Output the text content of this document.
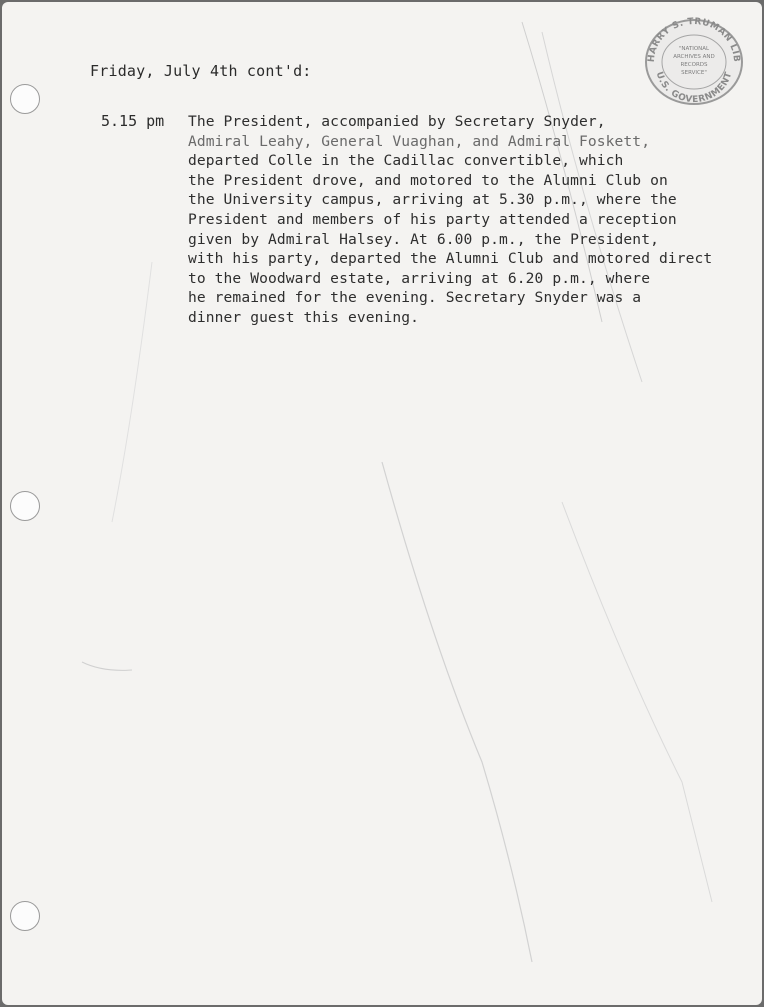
HARRY S. TRUMAN LIB
U.S. GOVERNMENT
"NATIONAL
ARCHIVES AND
RECORDS
SERVICE"
Friday, July 4th cont'd:
5.15 pm The President, accompanied by Secretary Snyder,
Admiral Leahy, General Vuaghan, and Admiral Foskett,
departed Colle in the Cadillac convertible, which
the President drove, and motored to the Alumni Club on
the University campus, arriving at 5.30 p.m., where the
President and members of his party attended a reception
given by Admiral Halsey. At 6.00 p.m., the President,
with his party, departed the Alumni Club and motored direct
to the Woodward estate, arriving at 6.20 p.m., where
he remained for the evening. Secretary Snyder was a
dinner guest this evening.
